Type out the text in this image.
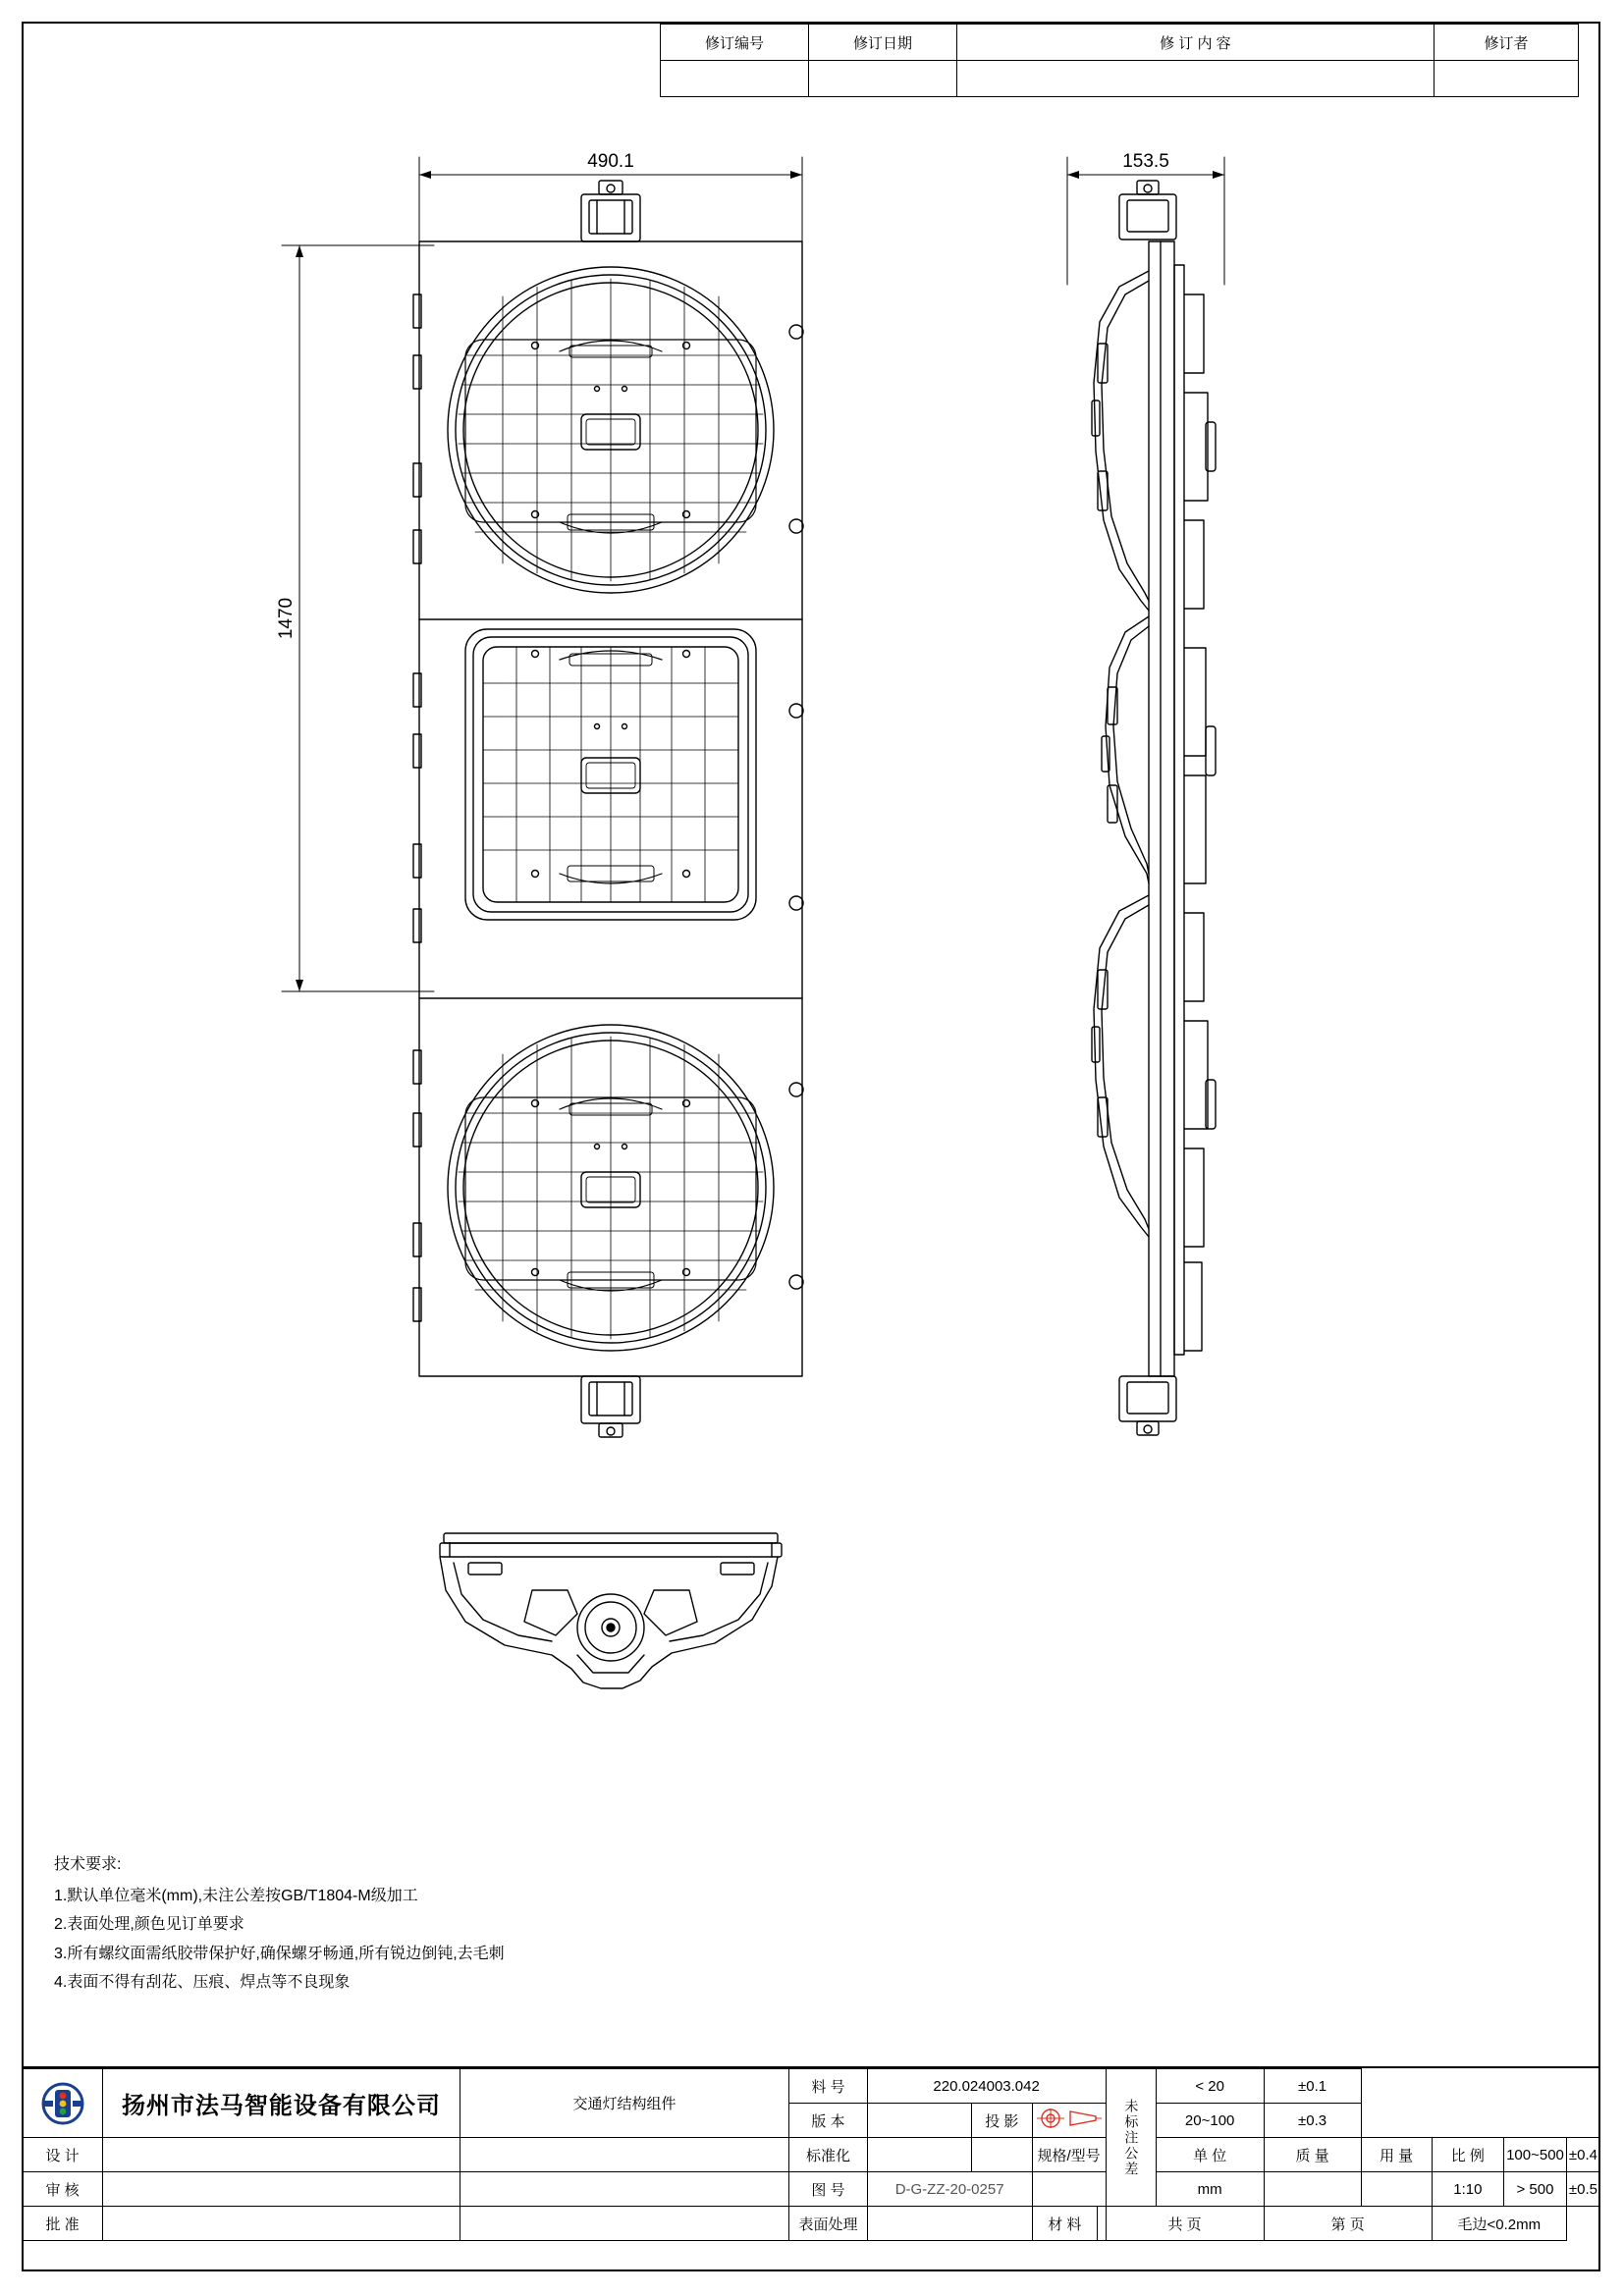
修订编号	修订日期	修 订 内 容	修订者

490.1	153.5
1470
技术要求:
1.默认单位毫米(mm),未注公差按GB/T1804-M级加工
2.表面处理,颜色见订单要求
3.所有螺纹面需纸胶带保护好,确保螺牙畅通,所有锐边倒钝,去毛刺
4.表面不得有刮花、压痕、焊点等不良现象
	扬州市法马智能设备有限公司	交通灯结构组件	料 号	220.024003.042				未标注公差	< 20	±0.1				
			版 本		投 影				20~100	±0.3				
设 计			标准化			规格/型号			单 位	质 量	用 量	比 例	100~500	±0.4
审 核			图 号	D-G-ZZ-20-0257					mm			1:10	> 500	±0.5
批 准			表面处理			材 料		共 页		第 页		毛边<0.2mm		
